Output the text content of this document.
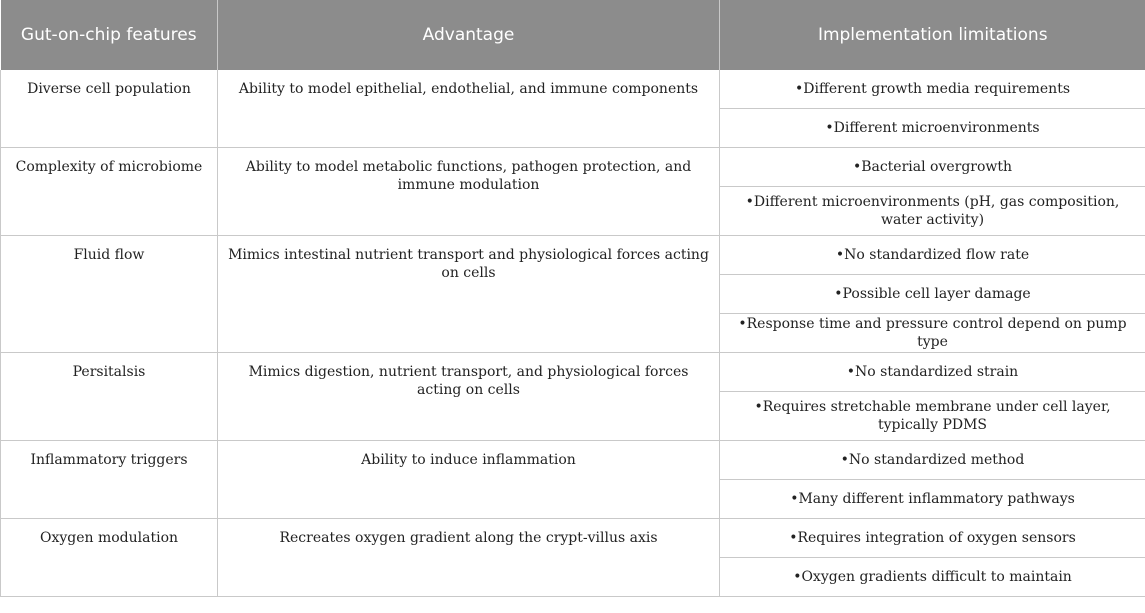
Gut-on-chip features	Advantage	Implementation limitations
Diverse cell population	Ability to model epithelial, endothelial, and immune components	•Different growth media requirements
		•Different microenvironments
Complexity of microbiome	Ability to model metabolic functions, pathogen protection, and immune modulation	•Bacterial overgrowth
		•Different microenvironments (pH, gas composition, water activity)
Fluid flow	Mimics intestinal nutrient transport and physiological forces acting on cells	•No standardized flow rate
		•Possible cell layer damage
		•Response time and pressure control depend on pump type
Persitalsis	Mimics digestion, nutrient transport, and physiological forces acting on cells	•No standardized strain
		•Requires stretchable membrane under cell layer, typically PDMS
Inflammatory triggers	Ability to induce inflammation	•No standardized method
		•Many different inflammatory pathways
Oxygen modulation	Recreates oxygen gradient along the crypt-villus axis	•Requires integration of oxygen sensors
		•Oxygen gradients difficult to maintain
